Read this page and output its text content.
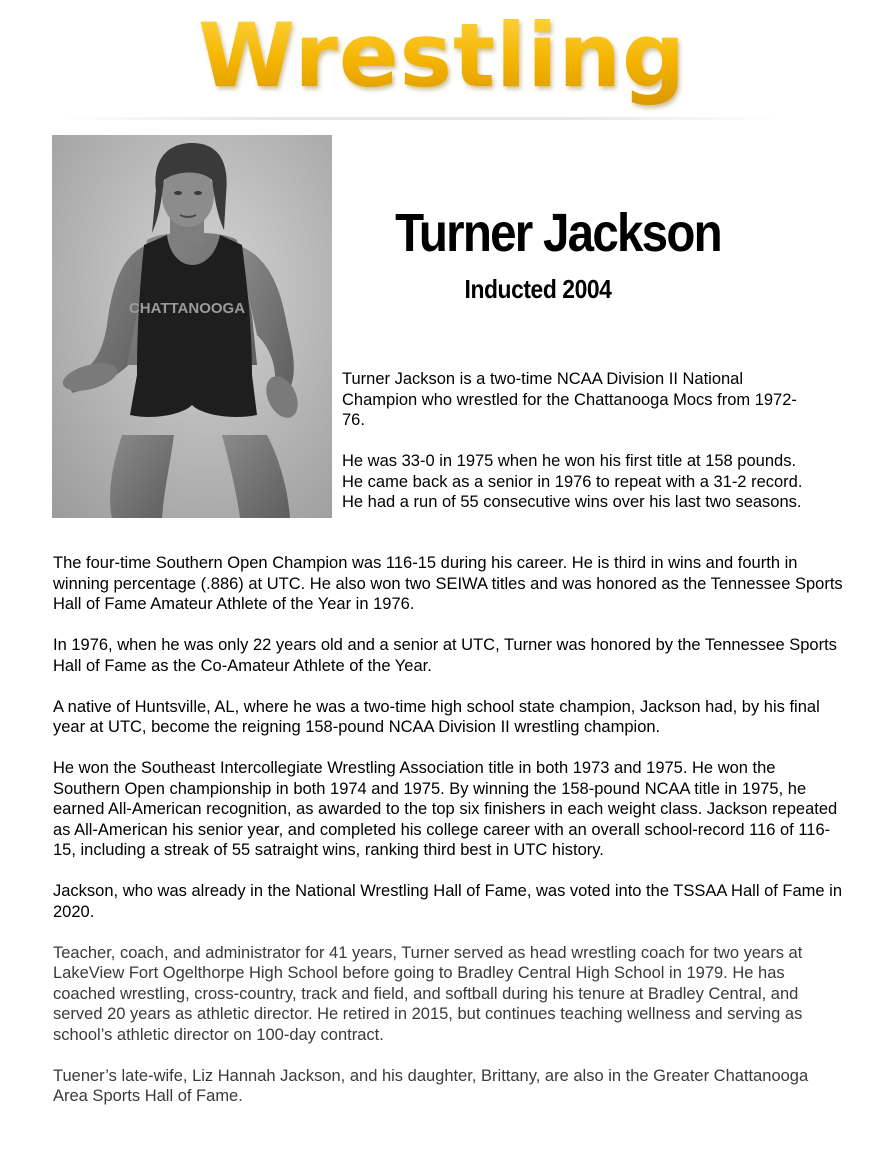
Wrestling
CHATTANOOGA
Turner Jackson
Inducted 2004

Turner Jackson is a two-time NCAA Division II National Champion who wrestled for the Chattanooga Mocs from 1972-76.

He was 33-0 in 1975 when he won his first title at 158 pounds. He came back as a senior in 1976 to repeat with a 31-2 record. He had a run of 55 consecutive wins over his last two seasons.

The four-time Southern Open Champion was 116-15 during his career. He is third in wins and fourth in winning percentage (.886) at UTC. He also won two SEIWA titles and was honored as the Tennessee Sports Hall of Fame Amateur Athlete of the Year in 1976.

In 1976, when he was only 22 years old and a senior at UTC, Turner was honored by the Tennessee Sports Hall of Fame as the Co-Amateur Athlete of the Year.

A native of Huntsville, AL, where he was a two-time high school state champion, Jackson had, by his final year at UTC, become the reigning 158-pound NCAA Division II wrestling champion.

He won the Southeast Intercollegiate Wrestling Association title in both 1973 and 1975. He won the Southern Open championship in both 1974 and 1975. By winning the 158-pound NCAA title in 1975, he earned All-American recognition, as awarded to the top six finishers in each weight class. Jackson repeated as All-American his senior year, and completed his college career with an overall school-record 116 of 116-15, including a streak of 55 satraight wins, ranking third best in UTC history.

Jackson, who was already in the National Wrestling Hall of Fame, was voted into the TSSAA Hall of Fame in 2020.

Teacher, coach, and administrator for 41 years, Turner served as head wrestling coach for two years at LakeView Fort Ogelthorpe High School before going to Bradley Central High School in 1979. He has coached wrestling, cross-country, track and field, and softball during his tenure at Bradley Central, and served 20 years as athletic director. He retired in 2015, but continues teaching wellness and serving as school’s athletic director on 100-day contract.

Tuener’s late-wife, Liz Hannah Jackson, and his daughter, Brittany, are also in the Greater Chattanooga Area Sports Hall of Fame.
